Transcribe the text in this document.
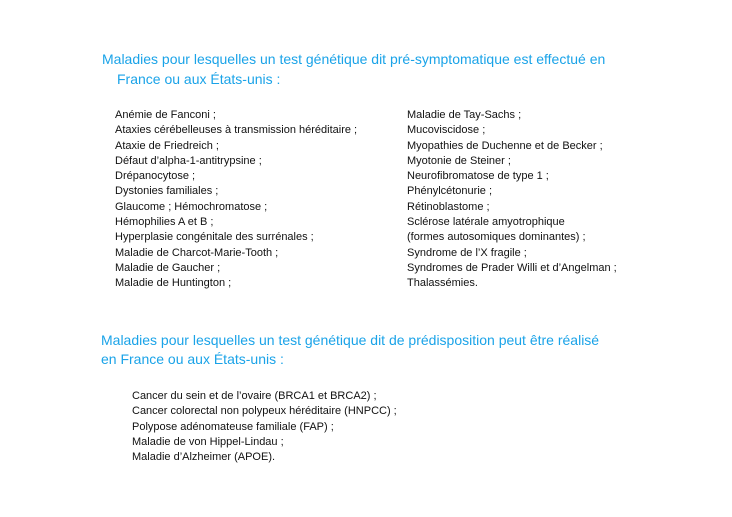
Maladies pour lesquelles un test génétique dit pré-symptomatique est effectué en

France ou aux États-unis :

Anémie de Fanconi ;
Ataxies cérébelleuses à transmission héréditaire ;
Ataxie de Friedreich ;
Défaut d’alpha-1-antitrypsine ;
Drépanocytose ;
Dystonies familiales ;
Glaucome ; Hémochromatose ;
Hémophilies A et B ;
Hyperplasie congénitale des surrénales ;
Maladie de Charcot-Marie-Tooth ;
Maladie de Gaucher ;
Maladie de Huntington ;
Maladie de Tay-Sachs ;
Mucoviscidose ;
Myopathies de Duchenne et de Becker ;
Myotonie de Steiner ;
Neurofibromatose de type 1 ;
Phénylcétonurie ;
Rétinoblastome ;
Sclérose latérale amyotrophique
(formes autosomiques dominantes) ;
Syndrome de l’X fragile ;
Syndromes de Prader Willi et d’Angelman ;
Thalassémies.

Maladies pour lesquelles un test génétique dit de prédisposition peut être réalisé

en France ou aux États-unis :

Cancer du sein et de l’ovaire (BRCA1 et BRCA2) ;
Cancer colorectal non polypeux héréditaire (HNPCC) ;
Polypose adénomateuse familiale (FAP) ;
Maladie de von Hippel-Lindau ;
Maladie d’Alzheimer (APOE).
